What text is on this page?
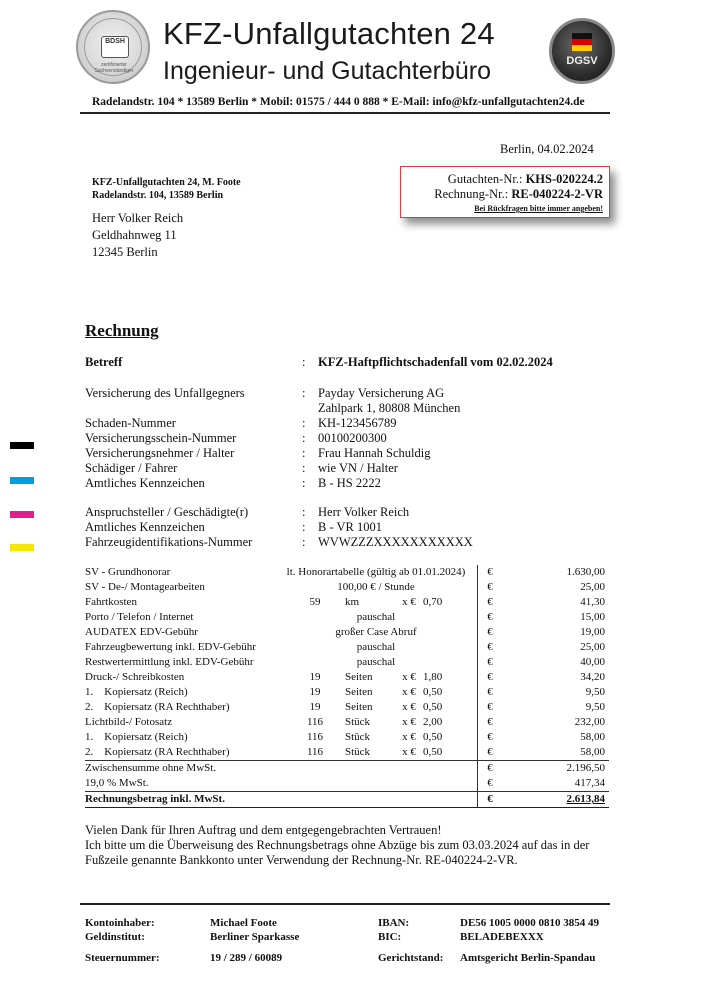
BDSH
zertifizierter Sachverständiger
KFZ-Unfallgutachten 24
Ingenieur- und Gutachterbüro	DGSV
Radelandstr. 104 * 13589 Berlin * Mobil: 01575 / 444 0 888 * E-Mail: info@kfz-unfallgutachten24.de
Berlin, 04.02.2024
KFZ-Unfallgutachten 24, M. Foote
Radelandstr. 104, 13589 Berlin
Herr Volker Reich
Geldhahnweg 11
12345 Berlin
Gutachten-Nr.: KHS-020224.2
Rechnung-Nr.: RE-040224-2-VR
Bei Rückfragen bitte immer angeben!
Rechnung
Betreff	: KFZ-Haftpflichtschadenfall vom 02.02.2024
Versicherung des Unfallgegners	: Payday Versicherung AG
Zahlpark 1, 80808 München
Schaden-Nummer	: KH-123456789
Versicherungsschein-Nummer	: 00100200300
Versicherungsnehmer / Halter	: Frau Hannah Schuldig
Schädiger / Fahrer	: wie VN / Halter
Amtliches Kennzeichen	: B - HS 2222
Anspruchsteller / Geschädigte(r)	: Herr Volker Reich
Amtliches Kennzeichen	: B - VR 1001
Fahrzeugidentifikations-Nummer	: WVWZZZXXXXXXXXXXX
SV - Grundhonorar	lt. Honorartabelle (gültig ab 01.01.2024)					€	1.630,00
SV - De-/ Montagearbeiten	100,00 € / Stunde					€	25,00
Fahrtkosten	59	km	x €	0,70		€	41,30
Porto / Telefon / Internet	pauschal					€	15,00
AUDATEX EDV-Gebühr	großer Case Abruf					€	19,00
Fahrzeugbewertung inkl. EDV-Gebühr	pauschal					€	25,00
Restwertermittlung inkl. EDV-Gebühr	pauschal					€	40,00
Druck-/ Schreibkosten	19	Seiten	x €	1,80		€	34,20
1.    Kopiersatz (Reich)	19	Seiten	x €	0,50		€	9,50
2.    Kopiersatz (RA Rechthaber)	19	Seiten	x €	0,50		€	9,50
Lichtbild-/ Fotosatz	116	Stück	x €	2,00		€	232,00
1.    Kopiersatz (Reich)	116	Stück	x €	0,50		€	58,00
2.    Kopiersatz (RA Rechthaber)	116	Stück	x €	0,50		€	58,00
Zwischensumme ohne MwSt.						€	2.196,50
19,0 % MwSt.						€	417,34
Rechnungsbetrag inkl. MwSt.						€	2.613,84
Vielen Dank für Ihren Auftrag und dem entgegengebrachten Vertrauen!
Ich bitte um die Überweisung des Rechnungsbetrags ohne Abzüge bis zum 03.03.2024 auf das in der
Fußzeile genannte Bankkonto unter Verwendung der Rechnung-Nr. RE-040224-2-VR.
Kontoinhaber:	Michael Foote	IBAN:	DE56 1005 0000 0810 3854 49
Geldinstitut:	Berliner Sparkasse	BIC:	BELADEBEXXX
Steuernummer:	19 / 289 / 60089	Gerichtstand: Amtsgericht Berlin-Spandau
